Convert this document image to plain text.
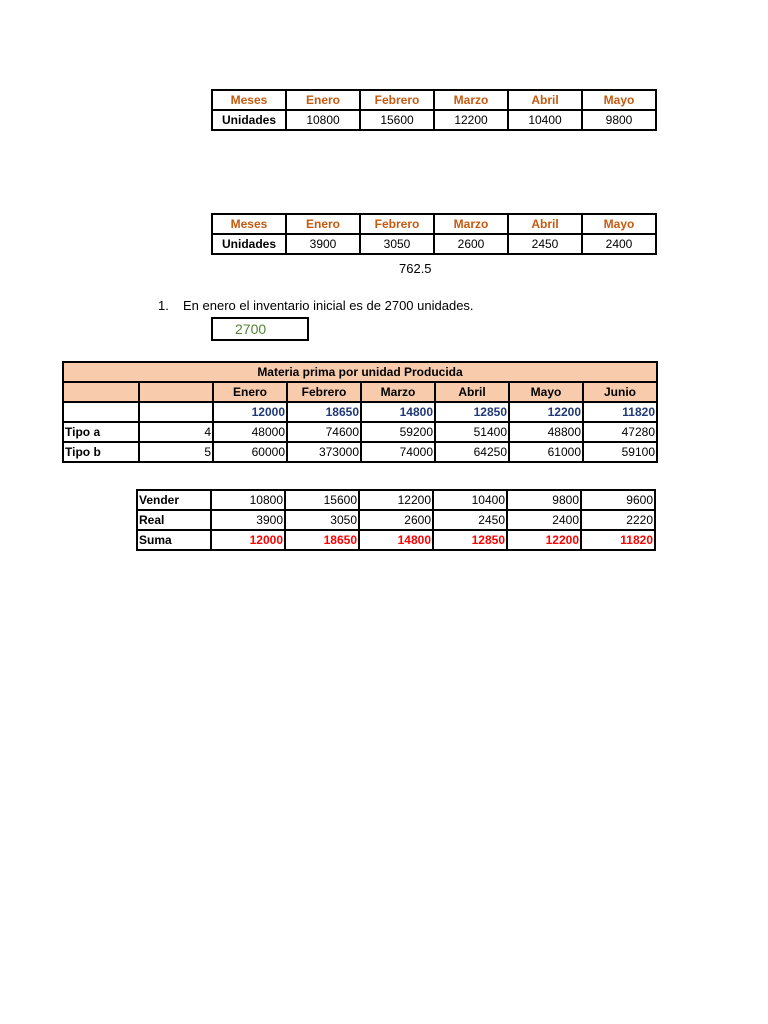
Meses	Enero	Febrero	Marzo	Abril	Mayo
Unidades	10800	15600	12200	10400	9800
Meses	Enero	Febrero	Marzo	Abril	Mayo
Unidades	3900	3050	2600	2450	2400
762.5
1. En enero el inventario inicial es de 2700 unidades.
2700
Materia prima por unidad Producida							
		Enero	Febrero	Marzo	Abril	Mayo	Junio
		12000	18650	14800	12850	12200	11820
Tipo a	4	48000	74600	59200	51400	48800	47280
Tipo b	5	60000	373000	74000	64250	61000	59100
Vender	10800	15600	12200	10400	9800	9600
Real	3900	3050	2600	2450	2400	2220
Suma	12000	18650	14800	12850	12200	11820
